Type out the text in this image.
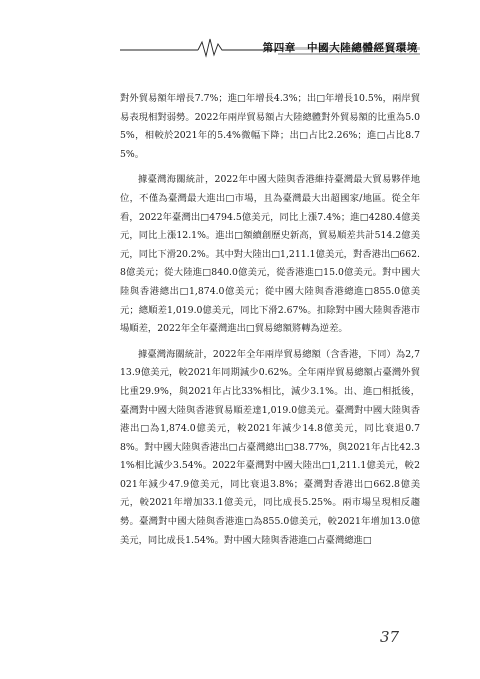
第四章　中國大陸總體經貿環境

對外貿易額年增長7.7%；進□年增長4.3%；出□年增長10.5%，兩岸貿易表現相對弱勢。2022年兩岸貿易額占大陸總體對外貿易額的比重為5.05%，相較於2021年的5.4%微幅下降；出□占比2.26%；進□占比8.75%。

據臺灣海關統計，2022年中國大陸與香港維持臺灣最大貿易夥伴地位，不僅為臺灣最大進出□市場，且為臺灣最大出超國家/地區。從全年看，2022年臺灣出□4794.5億美元，同比上漲7.4%；進□4280.4億美元，同比上漲12.1%。進出□額續創歷史新高，貿易順差共計514.2億美元，同比下滑20.2%。其中對大陸出□1,211.1億美元，對香港出□662.8億美元；從大陸進□840.0億美元，從香港進□15.0億美元。對中國大陸與香港總出□1,874.0億美元；從中國大陸與香港總進□855.0億美元；總順差1,019.0億美元，同比下滑2.67%。扣除對中國大陸與香港市場順差，2022年全年臺灣進出□貿易總額將轉為逆差。

據臺灣海關統計，2022年全年兩岸貿易總額（含香港，下同）為2,713.9億美元，較2021年同期減少0.62%。全年兩岸貿易總額占臺灣外貿比重29.9%，與2021年占比33%相比，減少3.1%。出、進□相抵後，臺灣對中國大陸與香港貿易順差達1,019.0億美元。臺灣對中國大陸與香港出□為1,874.0億美元，較2021年減少14.8億美元，同比衰退0.78%。對中國大陸與香港出□占臺灣總出□38.77%，與2021年占比42.31%相比減少3.54%。2022年臺灣對中國大陸出□1,211.1億美元，較2021年減少47.9億美元，同比衰退3.8%；臺灣對香港出□662.8億美元，較2021年增加33.1億美元，同比成長5.25%。兩市場呈現相反趨勢。臺灣對中國大陸與香港進□為855.0億美元，較2021年增加13.0億美元，同比成長1.54%。對中國大陸與香港進□占臺灣總進□

37
